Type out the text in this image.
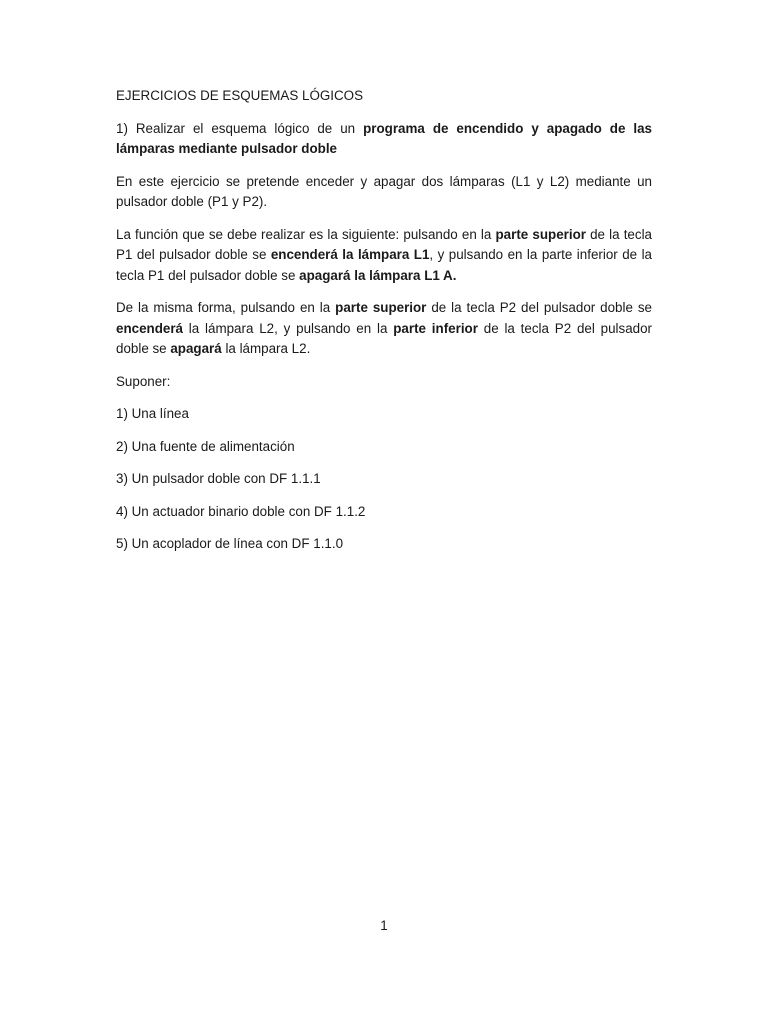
EJERCICIOS DE ESQUEMAS LÓGICOS

1) Realizar el esquema lógico de un programa de encendido y apagado de las lámparas mediante pulsador doble

En este ejercicio se pretende enceder y apagar dos lámparas (L1 y L2) mediante un pulsador doble (P1 y P2).

La función que se debe realizar es la siguiente: pulsando en la parte superior de la tecla P1 del pulsador doble se encenderá la lámpara L1, y pulsando en la parte inferior de la tecla P1 del pulsador doble se apagará la lámpara L1 A.

De la misma forma, pulsando en la parte superior de la tecla P2 del pulsador doble se encenderá la lámpara L2, y pulsando en la parte inferior de la tecla P2 del pulsador doble se apagará la lámpara L2.

Suponer:

1) Una línea

2) Una fuente de alimentación

3) Un pulsador doble con DF 1.1.1

4) Un actuador binario doble con DF 1.1.2

5) Un acoplador de línea con DF 1.1.0

1
